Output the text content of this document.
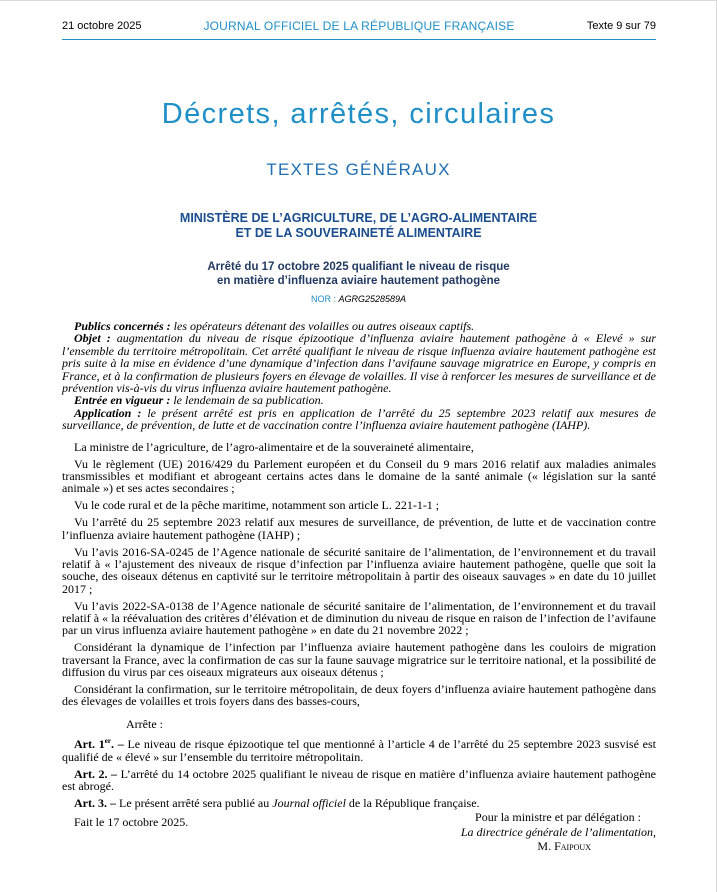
21 octobre 2025	JOURNAL OFFICIEL DE LA RÉPUBLIQUE FRANÇAISE	Texte 9 sur 79
Décrets, arrêtés, circulaires
TEXTES GÉNÉRAUX
MINISTÈRE DE L’AGRICULTURE, DE L’AGRO-ALIMENTAIRE
ET DE LA SOUVERAINETÉ ALIMENTAIRE
Arrêté du 17 octobre 2025 qualifiant le niveau de risque
en matière d’influenza aviaire hautement pathogène
NOR : AGRG2528589A

Publics concernés : les opérateurs détenant des volailles ou autres oiseaux captifs.

Objet : augmentation du niveau de risque épizootique d’influenza aviaire hautement pathogène à « Elevé » sur l’ensemble du territoire métropolitain. Cet arrêté qualifiant le niveau de risque influenza aviaire hautement pathogène est pris suite à la mise en évidence d’une dynamique d’infection dans l’avifaune sauvage migratrice en Europe, y compris en France, et à la confirmation de plusieurs foyers en élevage de volailles. Il vise à renforcer les mesures de surveillance et de prévention vis-à-vis du virus influenza aviaire hautement pathogène.

Entrée en vigueur : le lendemain de sa publication.

Application : le présent arrêté est pris en application de l’arrêté du 25 septembre 2023 relatif aux mesures de surveillance, de prévention, de lutte et de vaccination contre l’influenza aviaire hautement pathogène (IAHP).

La ministre de l’agriculture, de l’agro-alimentaire et de la souveraineté alimentaire,

Vu le règlement (UE) 2016/429 du Parlement européen et du Conseil du 9 mars 2016 relatif aux maladies animales transmissibles et modifiant et abrogeant certains actes dans le domaine de la santé animale (« législation sur la santé animale ») et ses actes secondaires ;

Vu le code rural et de la pêche maritime, notamment son article L. 221-1-1 ;

Vu l’arrêté du 25 septembre 2023 relatif aux mesures de surveillance, de prévention, de lutte et de vaccination contre l’influenza aviaire hautement pathogène (IAHP) ;

Vu l’avis 2016-SA-0245 de l’Agence nationale de sécurité sanitaire de l’alimentation, de l’environnement et du travail relatif à « l’ajustement des niveaux de risque d’infection par l’influenza aviaire hautement pathogène, quelle que soit la souche, des oiseaux détenus en captivité sur le territoire métropolitain à partir des oiseaux sauvages » en date du 10 juillet 2017 ;

Vu l’avis 2022-SA-0138 de l’Agence nationale de sécurité sanitaire de l’alimentation, de l’environnement et du travail relatif à « la réévaluation des critères d’élévation et de diminution du niveau de risque en raison de l’infection de l’avifaune par un virus influenza aviaire hautement pathogène » en date du 21 novembre 2022 ;

Considérant la dynamique de l’infection par l’influenza aviaire hautement pathogène dans les couloirs de migration traversant la France, avec la confirmation de cas sur la faune sauvage migratrice sur le territoire national, et la possibilité de diffusion du virus par ces oiseaux migrateurs aux oiseaux détenus ;

Considérant la confirmation, sur le territoire métropolitain, de deux foyers d’influenza aviaire hautement pathogène dans des élevages de volailles et trois foyers dans des basses-cours,

Arrête :

Art. 1er. – Le niveau de risque épizootique tel que mentionné à l’article 4 de l’arrêté du 25 septembre 2023 susvisé est qualifié de « élevé » sur l’ensemble du territoire métropolitain.

Art. 2. – L’arrêté du 14 octobre 2025 qualifiant le niveau de risque en matière d’influenza aviaire hautement pathogène est abrogé.

Art. 3. – Le présent arrêté sera publié au Journal officiel de la République française.

Fait le 17 octobre 2025.	Pour la ministre et par délégation :
La directrice générale de l’alimentation,
M. Faipoux
